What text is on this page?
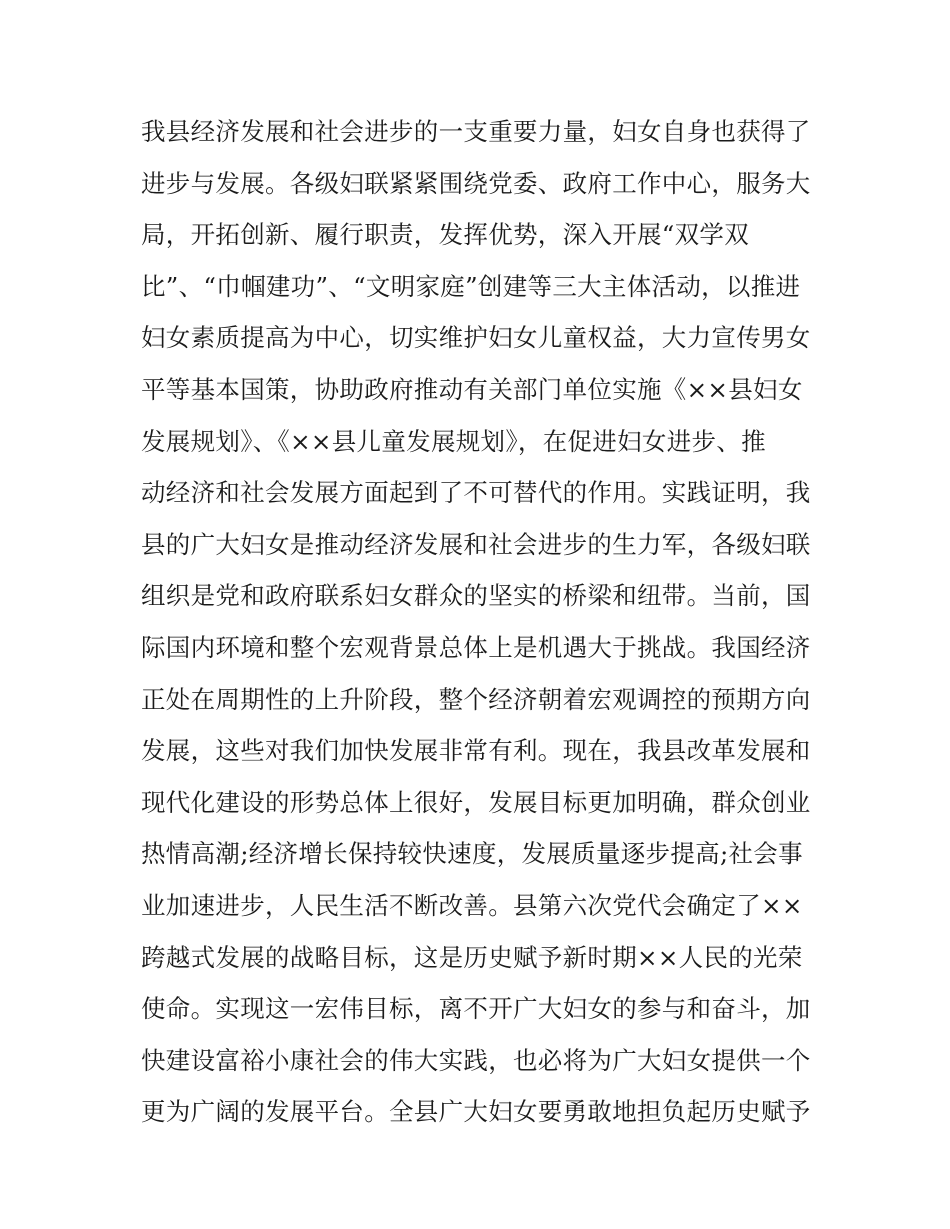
我县经济发展和社会进步的一支重要力量，妇女自身也获得了
进步与发展。各级妇联紧紧围绕党委、政府工作中心，服务大
局，开拓创新、履行职责，发挥优势，深入开展“双学双
比”、“巾帼建功”、“文明家庭”创建等三大主体活动，以推进
妇女素质提高为中心，切实维护妇女儿童权益，大力宣传男女
平等基本国策，协助政府推动有关部门单位实施《××县妇女
发展规划》、《××县儿童发展规划》，在促进妇女进步、推
动经济和社会发展方面起到了不可替代的作用。实践证明，我
县的广大妇女是推动经济发展和社会进步的生力军，各级妇联
组织是党和政府联系妇女群众的坚实的桥梁和纽带。当前，国
际国内环境和整个宏观背景总体上是机遇大于挑战。我国经济
正处在周期性的上升阶段，整个经济朝着宏观调控的预期方向
发展，这些对我们加快发展非常有利。现在，我县改革发展和
现代化建设的形势总体上很好，发展目标更加明确，群众创业
热情高潮;经济增长保持较快速度，发展质量逐步提高;社会事
业加速进步，人民生活不断改善。县第六次党代会确定了××
跨越式发展的战略目标，这是历史赋予新时期××人民的光荣
使命。实现这一宏伟目标，离不开广大妇女的参与和奋斗，加
快建设富裕小康社会的伟大实践，也必将为广大妇女提供一个
更为广阔的发展平台。全县广大妇女要勇敢地担负起历史赋予
